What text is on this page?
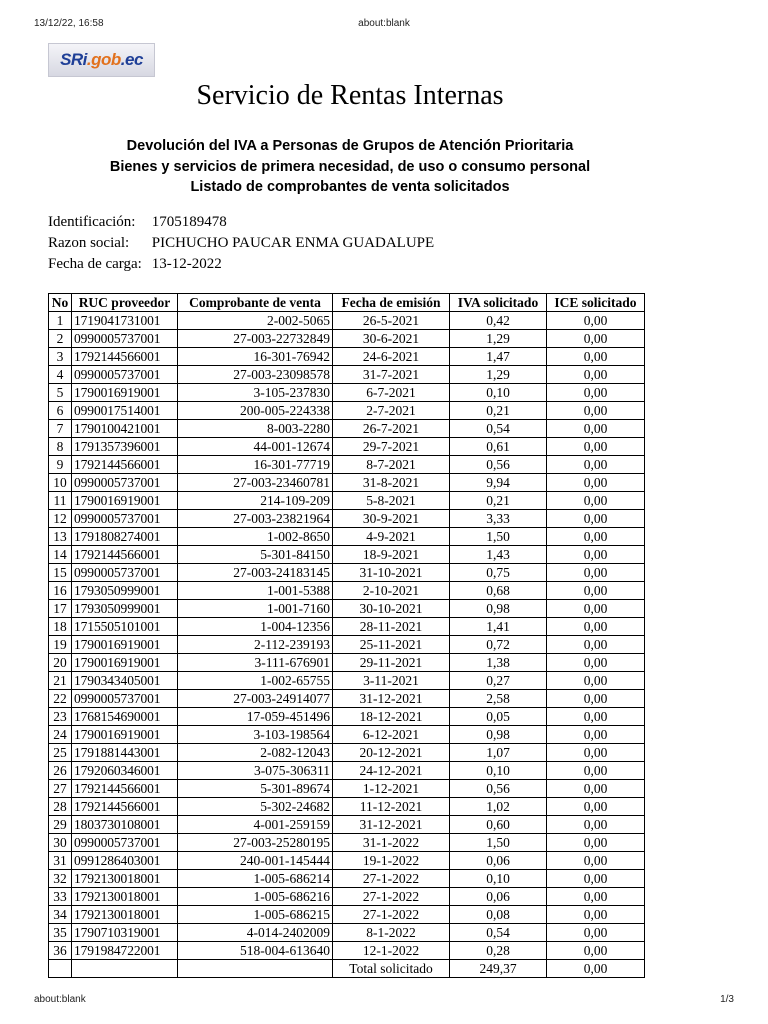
13/12/22, 16:58	about:blank
SRi .gob .ec
Servicio de Rentas Internas
Devolución del IVA a Personas de Grupos de Atención Prioritaria
Bienes y servicios de primera necesidad, de uso o consumo personal
Listado de comprobantes de venta solicitados
Identificación: 1705189478
Razon social: PICHUCHO PAUCAR ENMA GUADALUPE
Fecha de carga: 13-12-2022
No	RUC proveedor	Comprobante de venta	Fecha de emisión	IVA solicitado	ICE solicitado
1	1719041731001	2-002-5065	26-5-2021	0,42	0,00
2	0990005737001	27-003-22732849	30-6-2021	1,29	0,00
3	1792144566001	16-301-76942	24-6-2021	1,47	0,00
4	0990005737001	27-003-23098578	31-7-2021	1,29	0,00
5	1790016919001	3-105-237830	6-7-2021	0,10	0,00
6	0990017514001	200-005-224338	2-7-2021	0,21	0,00
7	1790100421001	8-003-2280	26-7-2021	0,54	0,00
8	1791357396001	44-001-12674	29-7-2021	0,61	0,00
9	1792144566001	16-301-77719	8-7-2021	0,56	0,00
10	0990005737001	27-003-23460781	31-8-2021	9,94	0,00
11	1790016919001	214-109-209	5-8-2021	0,21	0,00
12	0990005737001	27-003-23821964	30-9-2021	3,33	0,00
13	1791808274001	1-002-8650	4-9-2021	1,50	0,00
14	1792144566001	5-301-84150	18-9-2021	1,43	0,00
15	0990005737001	27-003-24183145	31-10-2021	0,75	0,00
16	1793050999001	1-001-5388	2-10-2021	0,68	0,00
17	1793050999001	1-001-7160	30-10-2021	0,98	0,00
18	1715505101001	1-004-12356	28-11-2021	1,41	0,00
19	1790016919001	2-112-239193	25-11-2021	0,72	0,00
20	1790016919001	3-111-676901	29-11-2021	1,38	0,00
21	1790343405001	1-002-65755	3-11-2021	0,27	0,00
22	0990005737001	27-003-24914077	31-12-2021	2,58	0,00
23	1768154690001	17-059-451496	18-12-2021	0,05	0,00
24	1790016919001	3-103-198564	6-12-2021	0,98	0,00
25	1791881443001	2-082-12043	20-12-2021	1,07	0,00
26	1792060346001	3-075-306311	24-12-2021	0,10	0,00
27	1792144566001	5-301-89674	1-12-2021	0,56	0,00
28	1792144566001	5-302-24682	11-12-2021	1,02	0,00
29	1803730108001	4-001-259159	31-12-2021	0,60	0,00
30	0990005737001	27-003-25280195	31-1-2022	1,50	0,00
31	0991286403001	240-001-145444	19-1-2022	0,06	0,00
32	1792130018001	1-005-686214	27-1-2022	0,10	0,00
33	1792130018001	1-005-686216	27-1-2022	0,06	0,00
34	1792130018001	1-005-686215	27-1-2022	0,08	0,00
35	1790710319001	4-014-2402009	8-1-2022	0,54	0,00
36	1791984722001	518-004-613640	12-1-2022	0,28	0,00
			Total solicitado	249,37	0,00
about:blank	1/3
